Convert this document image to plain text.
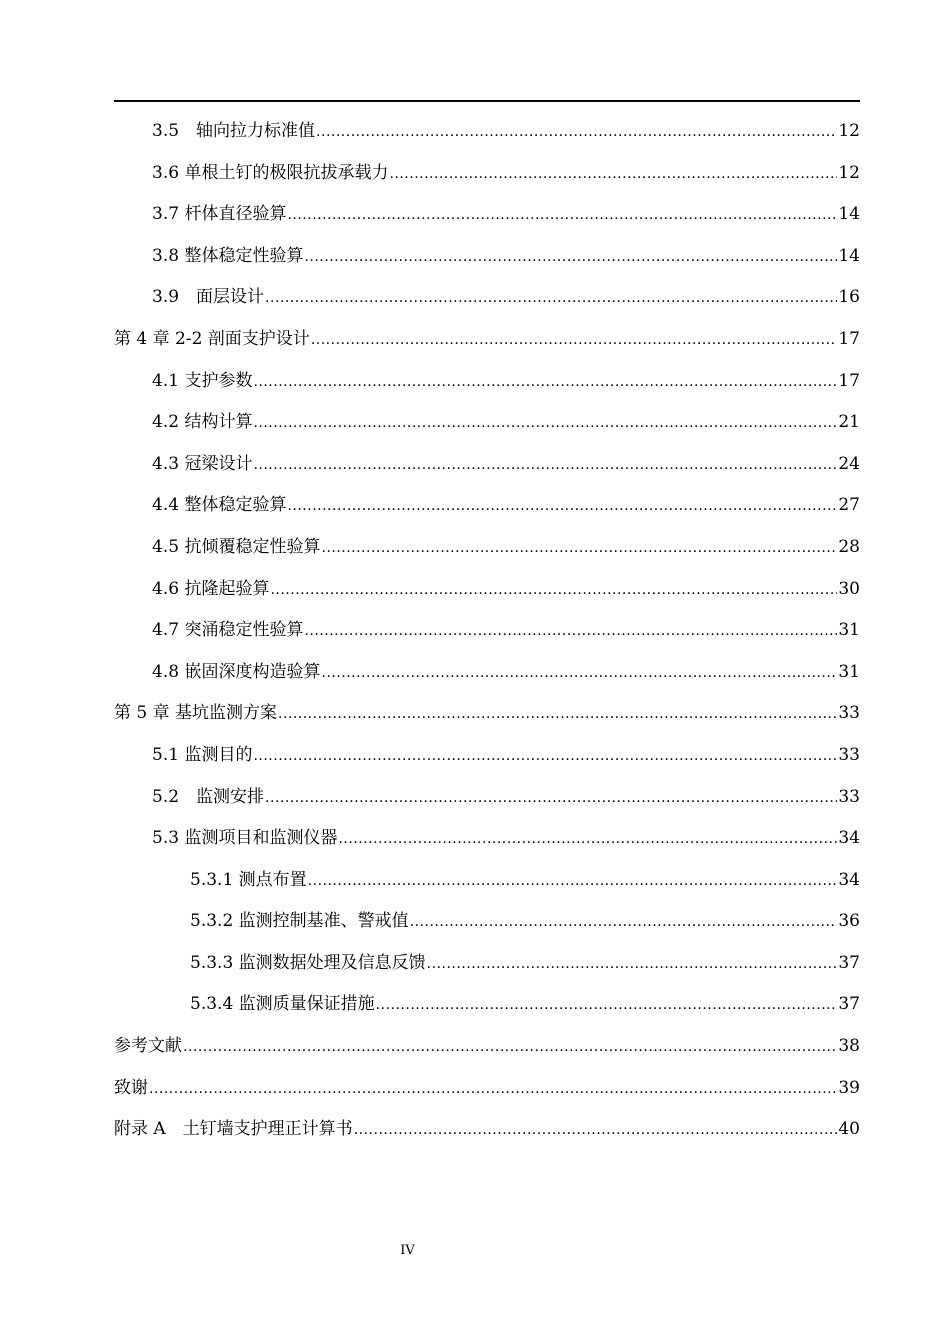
3.5　轴向拉力标准值 .....	12
3.6 单根土钉的极限抗拔承载力 .....	12
3.7 杆体直径验算 .....	14
3.8 整体稳定性验算 .....	14
3.9　面层设计 .....	16
第 4 章 2-2 剖面支护设计 .....	17
4.1 支护参数 .....	17
4.2 结构计算 .....	21
4.3 冠梁设计 .....	24
4.4 整体稳定验算 .....	27
4.5 抗倾覆稳定性验算 .....	28
4.6 抗隆起验算 .....	30
4.7 突涌稳定性验算 .....	31
4.8 嵌固深度构造验算 .....	31
第 5 章 基坑监测方案 .....	33
5.1 监测目的 .....	33
5.2　监测安排 .....	33
5.3 监测项目和监测仪器 .....	34
5.3.1 测点布置 .....	34
5.3.2 监测控制基准、警戒值 .....	36
5.3.3 监测数据处理及信息反馈 .....	37
5.3.4 监测质量保证措施 .....	37
参考文献 .....	38
致谢 .....	39
附录 A　土钉墙支护理正计算书 .....	40
IV
